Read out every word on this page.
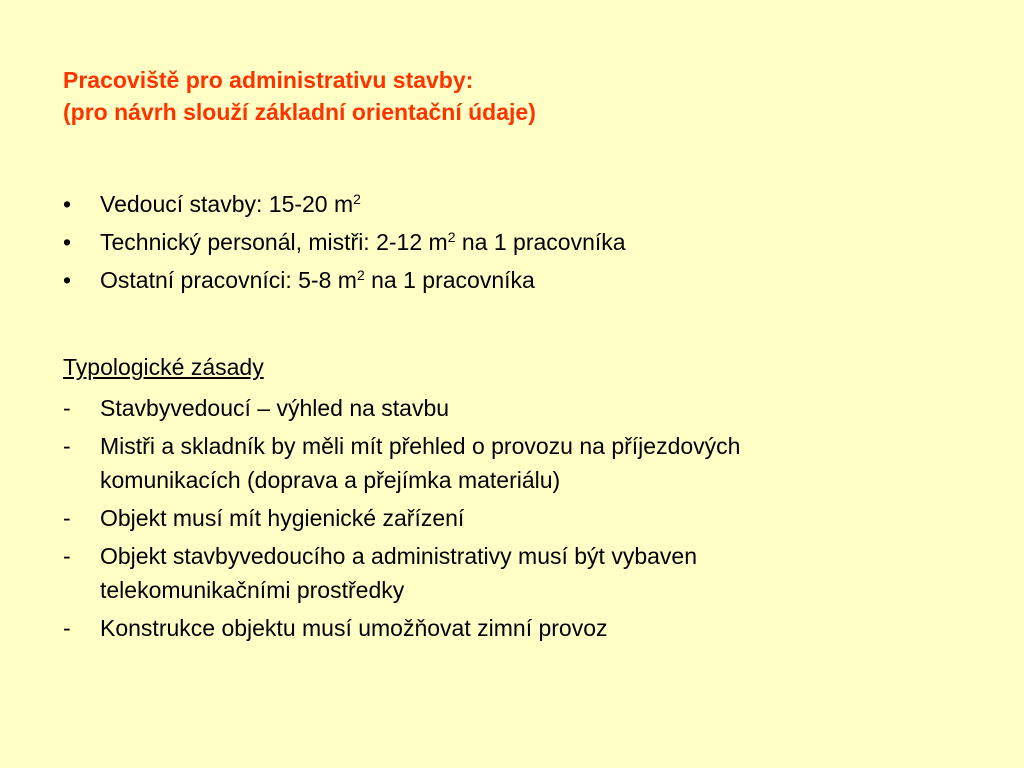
Pracoviště pro administrativu stavby:
(pro návrh slouží základní orientační údaje)
•	Vedoucí stavby: 15-20 $m^2$
•	Technický personál, mistři: 2-12 $m^2$ na 1 pracovníka
•	Ostatní pracovníci: 5-8 $m^2$ na 1 pracovníka
Typologické zásady
-	Stavbyvedoucí – výhled na stavbu
-	Mistři a skladník by měli mít přehled o provozu na příjezdových
komunikacích (doprava a přejímka materiálu)
-	Objekt musí mít hygienické zařízení
-	Objekt stavbyvedoucího a administrativy musí být vybaven
telekomunikačními prostředky
-	Konstrukce objektu musí umožňovat zimní provoz
